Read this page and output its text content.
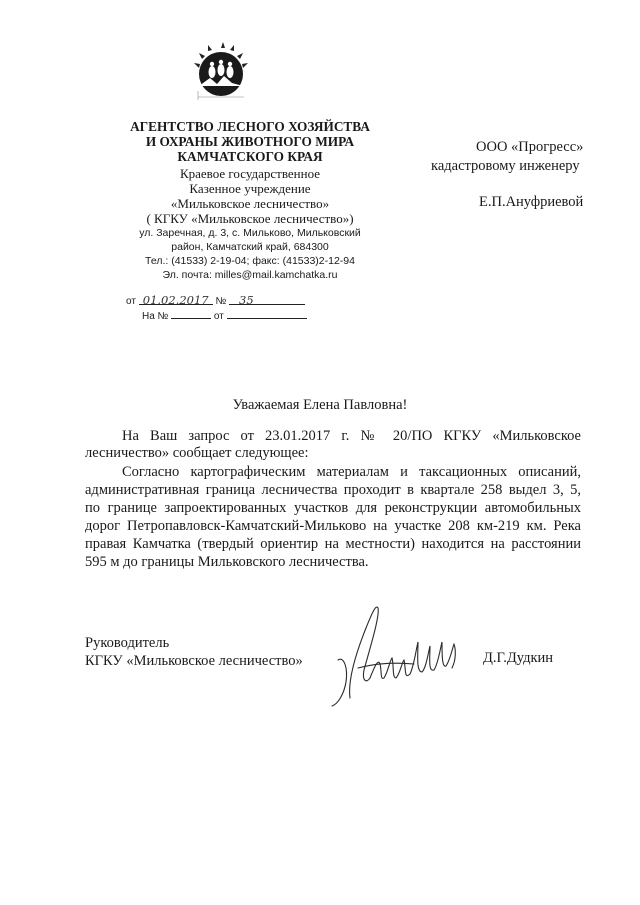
АГЕНТСТВО ЛЕСНОГО ХОЗЯЙСТВА
И ОХРАНЫ ЖИВОТНОГО МИРА
КАМЧАТСКОГО КРАЯ
Краевое государственное
Казенное учреждение
«Мильковское лесничество»
( КГКУ «Мильковское лесничество»)
ул. Заречная, д. 3, с. Мильково, Мильковский
район, Камчатский край, 684300
Тел.: (41533) 2-19-04; факс: (41533)2-12-94
Эл. почта: milles@mail.kamchatka.ru
от 01.02.2017 № 35
На №	от
ООО «Прогресс»
кадастровому инженеру
Е.П.Ануфриевой
Уважаемая Елена Павловна!
На Ваш запрос от 23.01.2017 г. № 20/ПО КГКУ «Мильковское
лесничество» сообщает следующее:
Согласно картографическим материалам и таксационных описаний,
административная граница лесничества проходит в квартале 258 выдел 3, 5,
по границе запроектированных участков для реконструкции автомобильных
дорог Петропавловск-Камчатский-Мильково на участке 208 км-219 км. Река
правая Камчатка (твердый ориентир на местности) находится на расстоянии
595 м до границы Мильковского лесничества.
Руководитель
КГКУ «Мильковское лесничество»	Д.Г.Дудкин
